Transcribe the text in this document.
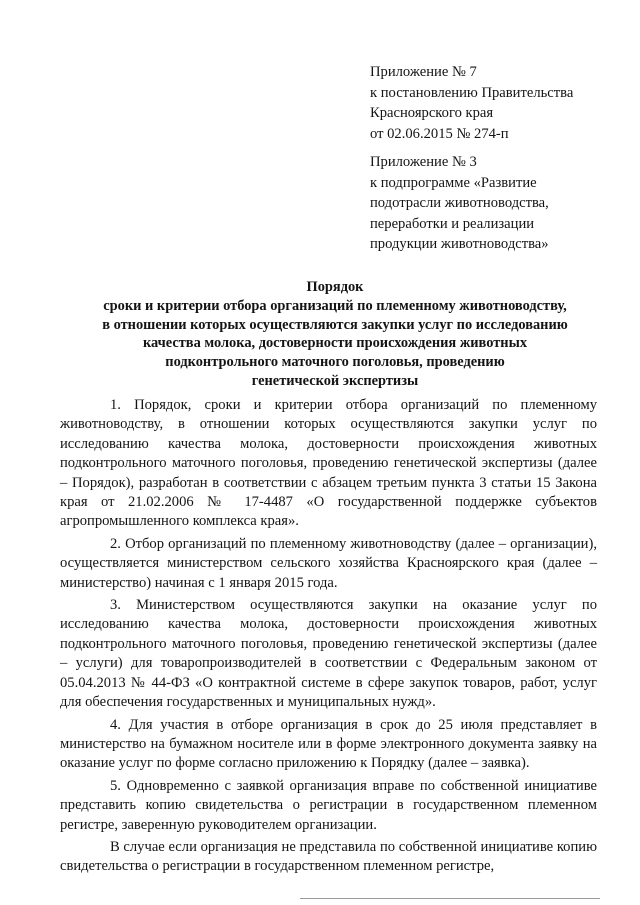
Приложение № 7
к постановлению Правительства
Красноярского края
от 02.06.2015 № 274-п
Приложение № 3
к подпрограмме «Развитие
подотрасли животноводства,
переработки и реализации
продукции животноводства»
Порядок
сроки и критерии отбора организаций по племенному животноводству,
в отношении которых осуществляются закупки услуг по исследованию
качества молока, достоверности происхождения животных
подконтрольного маточного поголовья, проведению
генетической экспертизы

1. Порядок, сроки и критерии отбора организаций по племенному животноводству, в отношении которых осуществляются закупки услуг по исследованию качества молока, достоверности происхождения животных подконтрольного маточного поголовья, проведению генетической экспертизы (далее – Порядок), разработан в соответствии с абзацем третьим пункта 3 статьи 15 Закона края от 21.02.2006 № 17-4487 «О государственной поддержке субъектов агропромышленного комплекса края».

2. Отбор организаций по племенному животноводству (далее – организации), осуществляется министерством сельского хозяйства Красноярского края (далее – министерство) начиная с 1 января 2015 года.

3. Министерством осуществляются закупки на оказание услуг по исследованию качества молока, достоверности происхождения животных подконтрольного маточного поголовья, проведению генетической экспертизы (далее – услуги) для товаропроизводителей в соответствии с Федеральным законом от 05.04.2013 № 44-ФЗ «О контрактной системе в сфере закупок товаров, работ, услуг для обеспечения государственных и муниципальных нужд».

4. Для участия в отборе организация в срок до 25 июля представляет в министерство на бумажном носителе или в форме электронного документа заявку на оказание услуг по форме согласно приложению к Порядку (далее – заявка).

5. Одновременно с заявкой организация вправе по собственной инициативе представить копию свидетельства о регистрации в государственном племенном регистре, заверенную руководителем организации.

В случае если организация не представила по собственной инициативе копию свидетельства о регистрации в государственном племенном регистре,
